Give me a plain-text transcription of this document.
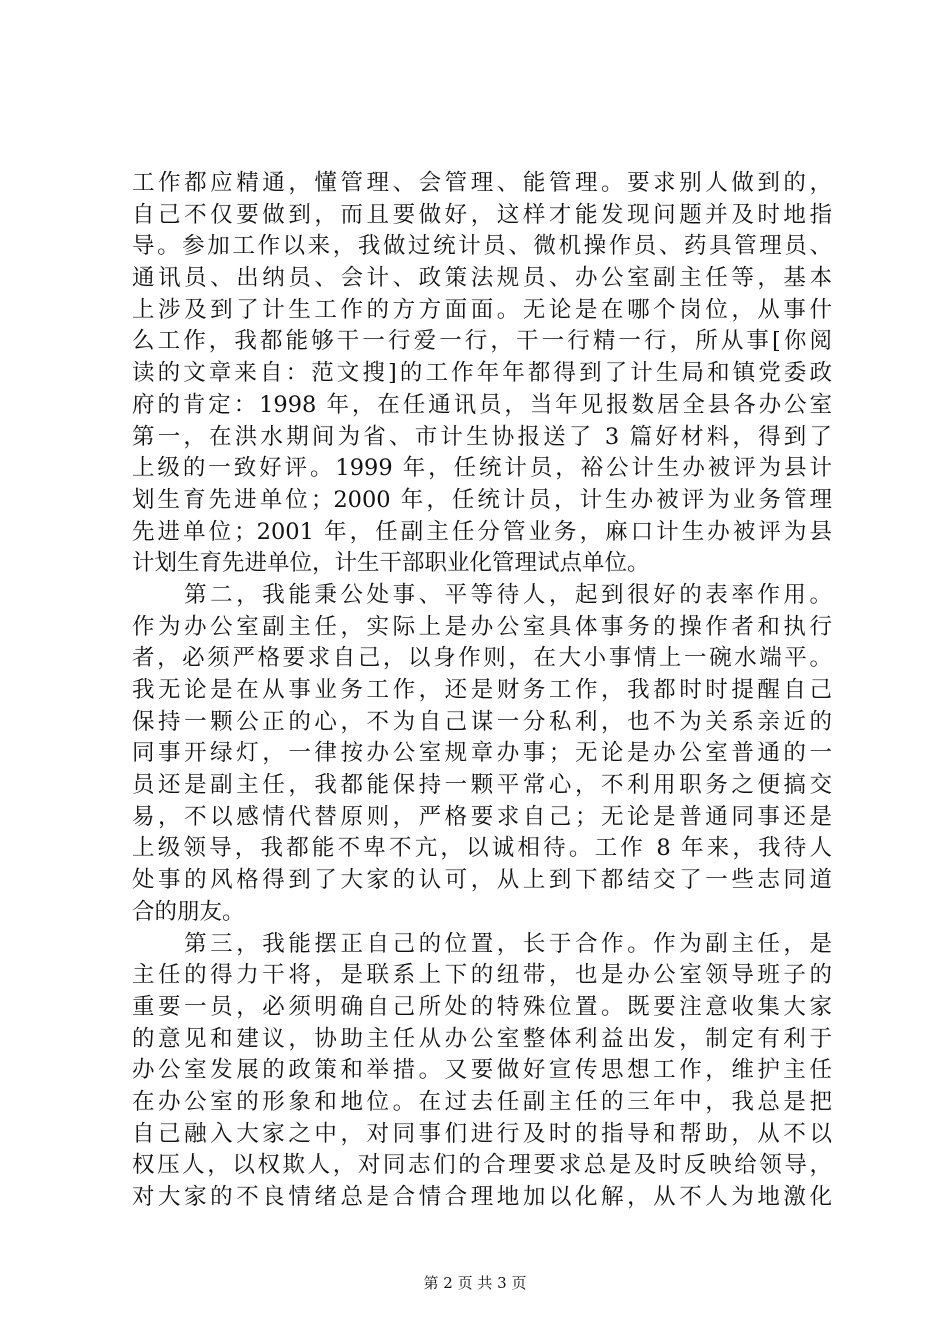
工作都应精通，懂管理、会管理、能管理。要求别人做到的，
自己不仅要做到，而且要做好，这样才能发现问题并及时地指
导。参加工作以来，我做过统计员、微机操作员、药具管理员、
通讯员、出纳员、会计、政策法规员、办公室副主任等，基本
上涉及到了计生工作的方方面面。无论是在哪个岗位，从事什
么工作，我都能够干一行爱一行，干一行精一行，所从事[你阅
读的文章来自：范文搜]的工作年年都得到了计生局和镇党委政
府的肯定：1998 年，在任通讯员，当年见报数居全县各办公室
第一，在洪水期间为省、市计生协报送了 3 篇好材料，得到了
上级的一致好评。1999 年，任统计员，裕公计生办被评为县计
划生育先进单位；2000 年，任统计员，计生办被评为业务管理
先进单位；2001 年，任副主任分管业务，麻口计生办被评为县
计划生育先进单位，计生干部职业化管理试点单位。
　　第二，我能秉公处事、平等待人，起到很好的表率作用。
作为办公室副主任，实际上是办公室具体事务的操作者和执行
者，必须严格要求自己，以身作则，在大小事情上一碗水端平。
我无论是在从事业务工作，还是财务工作，我都时时提醒自己
保持一颗公正的心，不为自己谋一分私利，也不为关系亲近的
同事开绿灯，一律按办公室规章办事；无论是办公室普通的一
员还是副主任，我都能保持一颗平常心，不利用职务之便搞交
易，不以感情代替原则，严格要求自己；无论是普通同事还是
上级领导，我都能不卑不亢，以诚相待。工作 8 年来，我待人
处事的风格得到了大家的认可，从上到下都结交了一些志同道
合的朋友。
　　第三，我能摆正自己的位置，长于合作。作为副主任，是
主任的得力干将，是联系上下的纽带，也是办公室领导班子的
重要一员，必须明确自己所处的特殊位置。既要注意收集大家
的意见和建议，协助主任从办公室整体利益出发，制定有利于
办公室发展的政策和举措。又要做好宣传思想工作，维护主任
在办公室的形象和地位。在过去任副主任的三年中，我总是把
自己融入大家之中，对同事们进行及时的指导和帮助，从不以
权压人，以权欺人，对同志们的合理要求总是及时反映给领导，
对大家的不良情绪总是合情合理地加以化解，从不人为地激化
第 2 页 共 3 页
